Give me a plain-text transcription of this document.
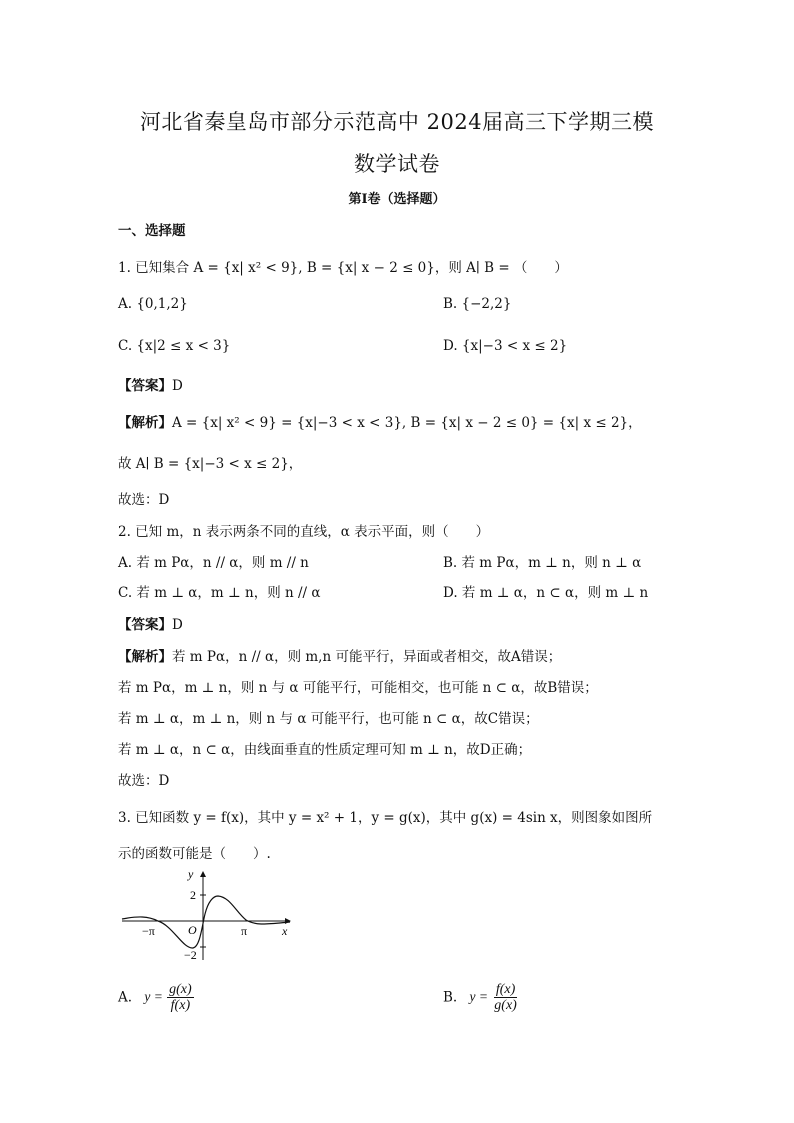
河北省秦皇岛市部分示范高中 2024届高三下学期三模
数学试卷
第I卷（选择题）
一、选择题
1. 已知集合 A = {x| x² < 9}, B = {x| x − 2 ≤ 0}，则 A∣ B = （　　）
A. {0,1,2}	B. {−2,2}
C. {x|2 ≤ x < 3}	D. {x|−3 < x ≤ 2}
【答案】D
【解析】A = {x| x² < 9} = {x|−3 < x < 3}, B = {x| x − 2 ≤ 0} = {x| x ≤ 2}，
故 A∣ B = {x|−3 < x ≤ 2}，
故选：D
2. 已知 m，n 表示两条不同的直线，α 表示平面，则（　　）
A. 若 m Pα，n // α，则 m // n	B. 若 m Pα，m ⊥ n，则 n ⊥ α
C. 若 m ⊥ α，m ⊥ n，则 n // α	D. 若 m ⊥ α，n ⊂ α，则 m ⊥ n
【答案】D
【解析】若 m Pα，n // α，则 m,n 可能平行，异面或者相交，故A错误；
若 m Pα，m ⊥ n，则 n 与 α 可能平行，可能相交，也可能 n ⊂ α，故B错误；
若 m ⊥ α，m ⊥ n，则 n 与 α 可能平行，也可能 n ⊂ α，故C错误；
若 m ⊥ α，n ⊂ α，由线面垂直的性质定理可知 m ⊥ n，故D正确；
故选：D
3. 已知函数 y = f(x)，其中 y = x² + 1，y = g(x)，其中 g(x) = 4sin x，则图象如图所
示的函数可能是（　　）.
y
x
O
2
−2
−π	π
A. $y = \frac{g(x)}{f(x)}$	B. $y = \frac{f(x)}{g(x)}$
